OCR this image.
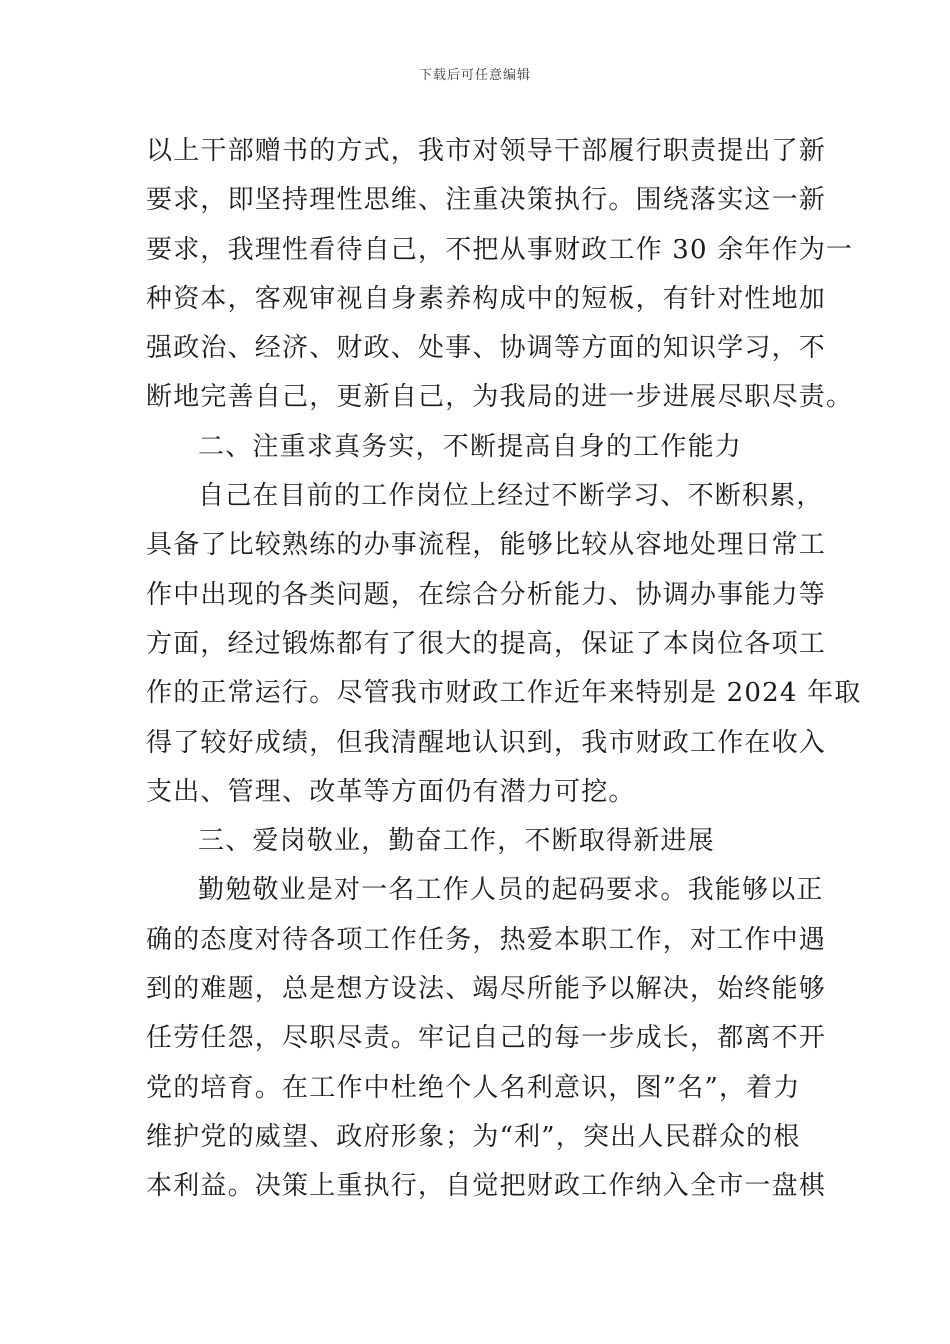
下载后可任意编辑
以上干部赠书的方式，我市对领导干部履行职责提出了新
要求，即坚持理性思维、注重决策执行。围绕落实这一新
要求，我理性看待自己，不把从事财政工作 30 余年作为一
种资本，客观审视自身素养构成中的短板，有针对性地加
强政治、经济、财政、处事、协调等方面的知识学习，不
断地完善自己，更新自己，为我局的进一步进展尽职尽责。
二、注重求真务实，不断提高自身的工作能力
自己在目前的工作岗位上经过不断学习、不断积累，
具备了比较熟练的办事流程，能够比较从容地处理日常工
作中出现的各类问题，在综合分析能力、协调办事能力等
方面，经过锻炼都有了很大的提高，保证了本岗位各项工
作的正常运行。尽管我市财政工作近年来特别是 2024 年取
得了较好成绩，但我清醒地认识到，我市财政工作在收入
支出、管理、改革等方面仍有潜力可挖。
三、爱岗敬业，勤奋工作，不断取得新进展
勤勉敬业是对一名工作人员的起码要求。我能够以正
确的态度对待各项工作任务，热爱本职工作，对工作中遇
到的难题，总是想方设法、竭尽所能予以解决，始终能够
任劳任怨，尽职尽责。牢记自己的每一步成长，都离不开
党的培育。在工作中杜绝个人名利意识，图”名”，着力
维护党的威望、政府形象；为“利”，突出人民群众的根
本利益。决策上重执行，自觉把财政工作纳入全市一盘棋
